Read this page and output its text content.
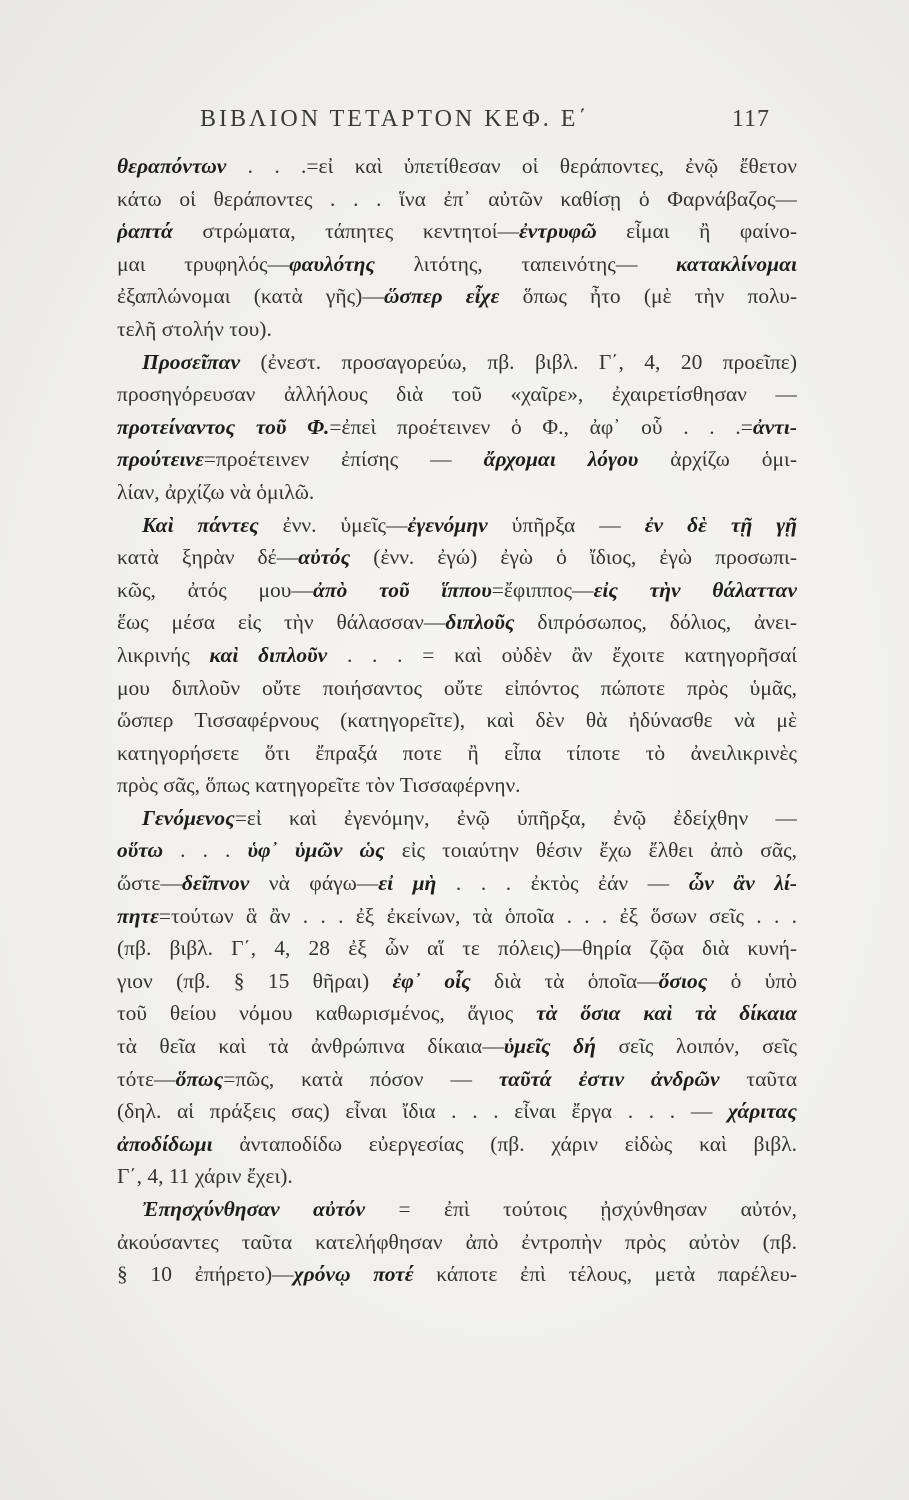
ΒΙΒΛΙΟΝ ΤΕΤΑΡΤΟΝ ΚΕΦ. Ε΄	117
θεραπόντων . . .=εἰ καὶ ὑπετίθεσαν οἱ θεράποντες, ἐνῷ ἔθετον
κάτω οἱ θεράποντες . . . ἵνα ἐπ᾽ αὐτῶν καθίσῃ ὁ Φαρνάβαζος—
ῥαπτά στρώματα, τάπητες κεντητοί—ἐντρυφῶ εἶμαι ἢ φαίνο-
μαι τρυφηλός—φαυλότης λιτότης, ταπεινότης— κατακλίνομαι
ἐξαπλώνομαι (κατὰ γῆς)—ὥσπερ εἶχε ὅπως ἦτο (μὲ τὴν πολυ-
τελῆ στολήν του).
Προσεῖπαν (ἐνεστ. προσαγορεύω, πβ. βιβλ. Γ΄, 4, 20 προεῖπε)
προσηγόρευσαν ἀλλήλους διὰ τοῦ «χαῖρε», ἐχαιρετίσθησαν —
προτείναντος τοῦ Φ.=ἐπεὶ προέτεινεν ὁ Φ., ἀφ᾽ οὗ . . .=ἀντι-
προύτεινε=προέτεινεν ἐπίσης — ἄρχομαι λόγου ἀρχίζω ὁμι-
λίαν, ἀρχίζω νὰ ὁμιλῶ.
Καὶ πάντες ἐνν. ὑμεῖς—ἐγενόμην ὑπῆρξα — ἐν δὲ τῇ γῇ
κατὰ ξηρὰν δέ—αὐτός (ἐνν. ἐγώ) ἐγὼ ὁ ἴδιος, ἐγὼ προσωπι-
κῶς, ἀτός μου—ἀπὸ τοῦ ἵππου=ἔφιππος—εἰς τὴν θάλατταν
ἕως μέσα εἰς τὴν θάλασσαν—διπλοῦς διπρόσωπος, δόλιος, ἀνει-
λικρινής καὶ διπλοῦν . . . = καὶ οὐδὲν ἂν ἔχοιτε κατηγορῆσαί
μου διπλοῦν οὔτε ποιήσαντος οὔτε εἰπόντος πώποτε πρὸς ὑμᾶς,
ὥσπερ Τισσαφέρνους (κατηγορεῖτε), καὶ δὲν θὰ ἠδύνασθε νὰ μὲ
κατηγορήσετε ὅτι ἔπραξά ποτε ἢ εἶπα τίποτε τὸ ἀνειλικρινὲς
πρὸς σᾶς, ὅπως κατηγορεῖτε τὸν Τισσαφέρνην.
Γενόμενος=εἰ καὶ ἐγενόμην, ἐνῷ ὑπῆρξα, ἐνῷ ἐδείχθην —
οὕτω . . . ὑφ᾽ ὑμῶν ὡς εἰς τοιαύτην θέσιν ἔχω ἔλθει ἀπὸ σᾶς,
ὥστε—δεῖπνον νὰ φάγω—εἰ μὴ . . . ἐκτὸς ἐάν — ὧν ἂν λί-
πητε=τούτων ἃ ἂν . . . ἐξ ἐκείνων, τὰ ὁποῖα . . . ἐξ ὅσων σεῖς . . .
(πβ. βιβλ. Γ΄, 4, 28 ἐξ ὧν αἵ τε πόλεις)—θηρία ζῷα διὰ κυνή-
γιον (πβ. § 15 θῆραι) ἐφ᾽ οἷς διὰ τὰ ὁποῖα—ὅσιος ὁ ὑπὸ
τοῦ θείου νόμου καθωρισμένος, ἅγιος τὰ ὅσια καὶ τὰ δίκαια
τὰ θεῖα καὶ τὰ ἀνθρώπινα δίκαια—ὑμεῖς δή σεῖς λοιπόν, σεῖς
τότε—ὅπως=πῶς, κατὰ πόσον — ταῦτά ἐστιν ἀνδρῶν ταῦτα
(δηλ. αἱ πράξεις σας) εἶναι ἴδια . . . εἶναι ἔργα . . . — χάριτας
ἀποδίδωμι ἀνταποδίδω εὐεργεσίας (πβ. χάριν εἰδὼς καὶ βιβλ.
Γ΄, 4, 11 χάριν ἔχει).
Ἐπησχύνθησαν αὐτόν = ἐπὶ τούτοις ᾐσχύνθησαν αὐτόν,
ἀκούσαντες ταῦτα κατελήφθησαν ἀπὸ ἐντροπὴν πρὸς αὐτὸν (πβ.
§ 10 ἐπήρετο)—χρόνῳ ποτέ κάποτε ἐπὶ τέλους, μετὰ παρέλευ-
